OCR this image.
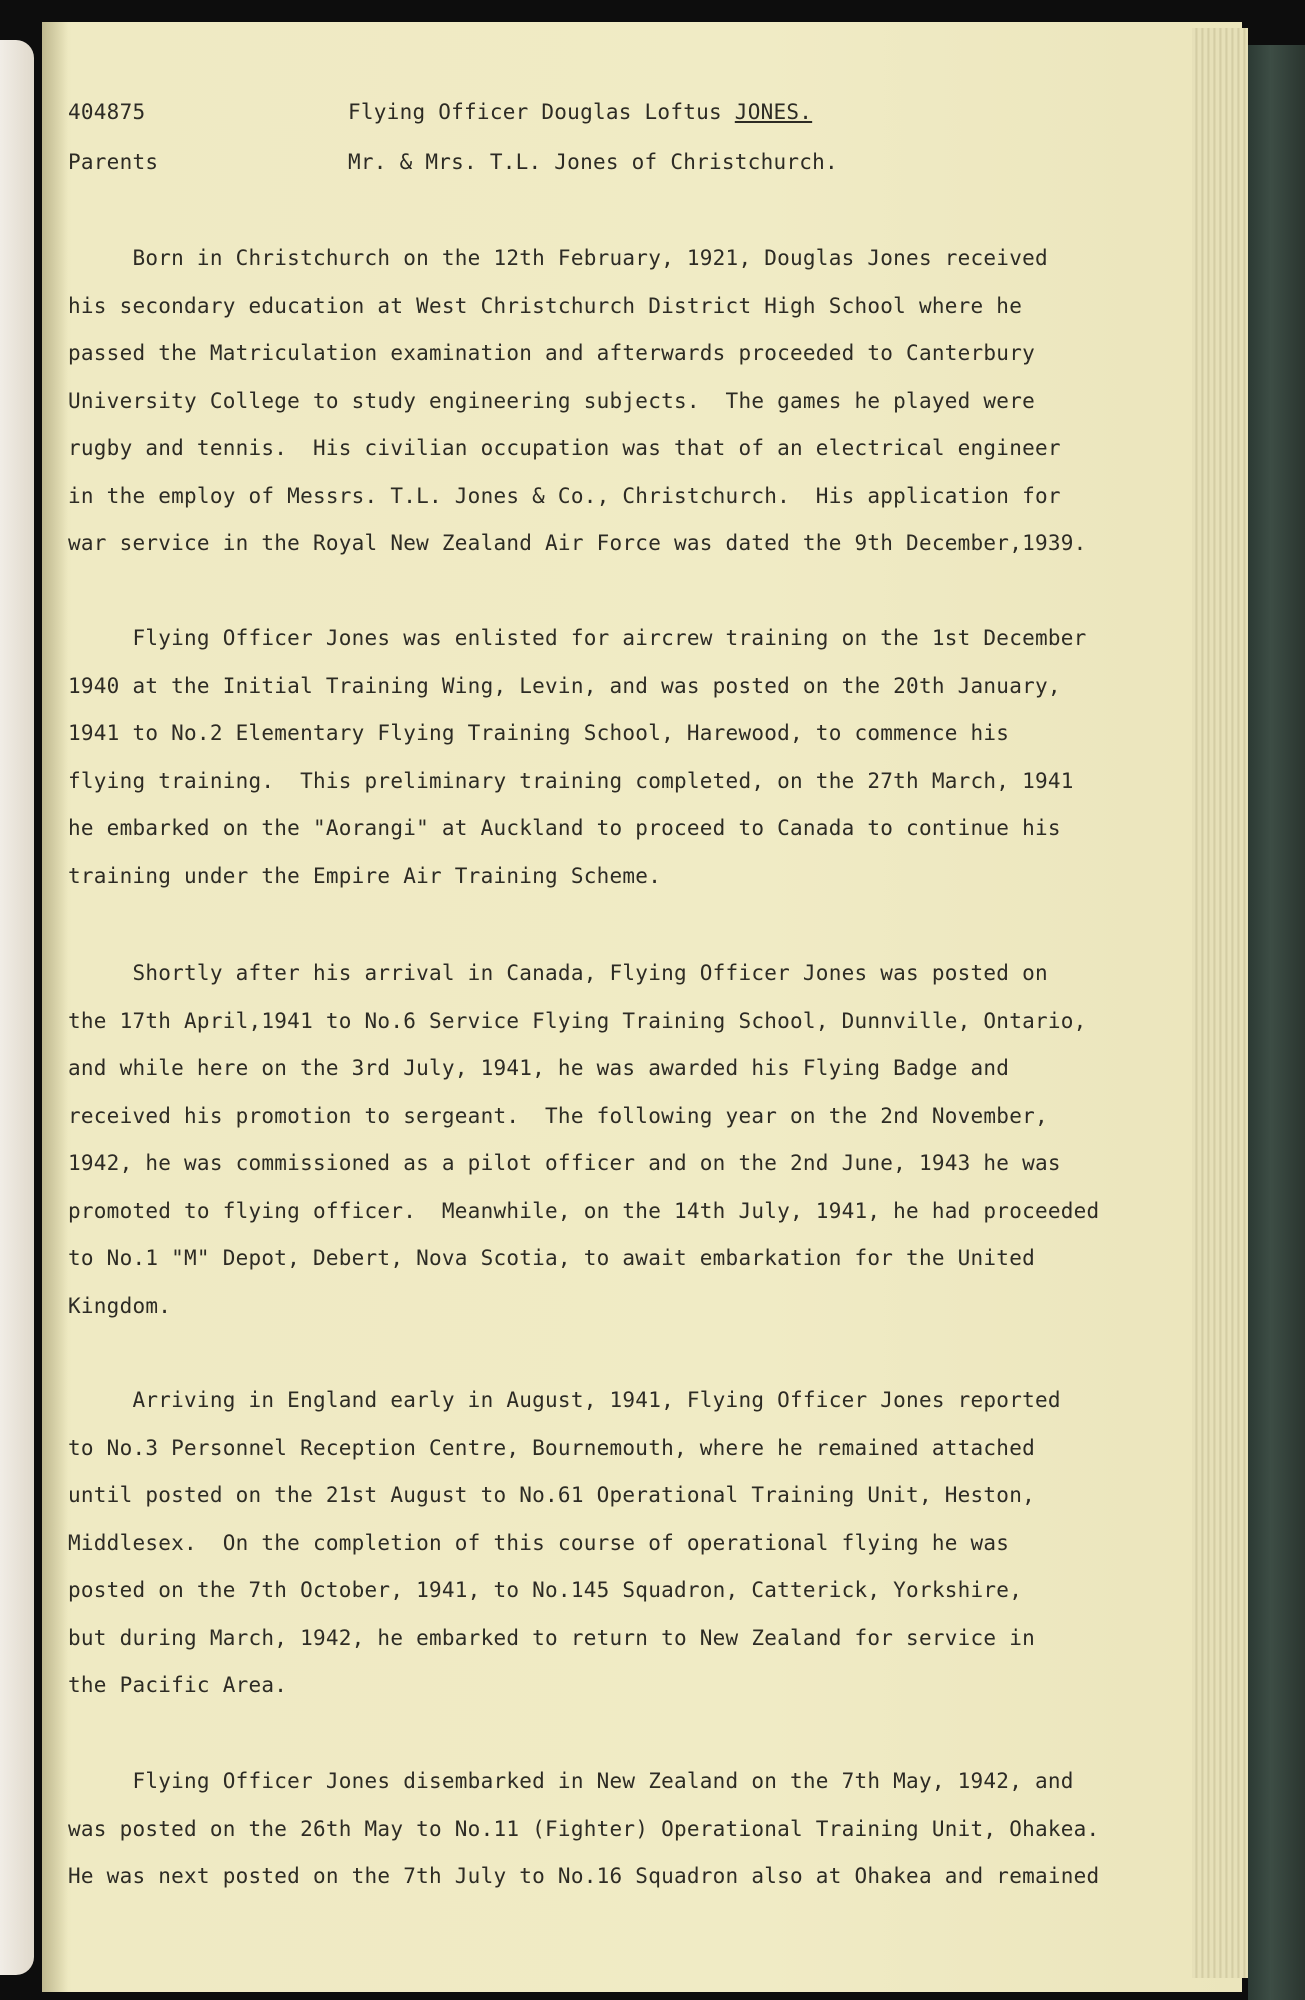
404875	Flying Officer Douglas Loftus JONES.
Parents	Mr. & Mrs. T.L. Jones of Christchurch.
Born in Christchurch on the 12th February, 1921, Douglas Jones received
his secondary education at West Christchurch District High School where he
passed the Matriculation examination and afterwards proceeded to Canterbury
University College to study engineering subjects.  The games he played were
rugby and tennis.  His civilian occupation was that of an electrical engineer
in the employ of Messrs. T.L. Jones & Co., Christchurch.  His application for
war service in the Royal New Zealand Air Force was dated the 9th December,1939.
Flying Officer Jones was enlisted for aircrew training on the 1st December
1940 at the Initial Training Wing, Levin, and was posted on the 20th January,
1941 to No.2 Elementary Flying Training School, Harewood, to commence his
flying training.  This preliminary training completed, on the 27th March, 1941
he embarked on the "Aorangi" at Auckland to proceed to Canada to continue his
training under the Empire Air Training Scheme.
Shortly after his arrival in Canada, Flying Officer Jones was posted on
the 17th April,1941 to No.6 Service Flying Training School, Dunnville, Ontario,
and while here on the 3rd July, 1941, he was awarded his Flying Badge and
received his promotion to sergeant.  The following year on the 2nd November,
1942, he was commissioned as a pilot officer and on the 2nd June, 1943 he was
promoted to flying officer.  Meanwhile, on the 14th July, 1941, he had proceeded
to No.1 "M" Depot, Debert, Nova Scotia, to await embarkation for the United
Kingdom.
Arriving in England early in August, 1941, Flying Officer Jones reported
to No.3 Personnel Reception Centre, Bournemouth, where he remained attached
until posted on the 21st August to No.61 Operational Training Unit, Heston,
Middlesex.  On the completion of this course of operational flying he was
posted on the 7th October, 1941, to No.145 Squadron, Catterick, Yorkshire,
but during March, 1942, he embarked to return to New Zealand for service in
the Pacific Area.
Flying Officer Jones disembarked in New Zealand on the 7th May, 1942, and
was posted on the 26th May to No.11 (Fighter) Operational Training Unit, Ohakea.
He was next posted on the 7th July to No.16 Squadron also at Ohakea and remained
